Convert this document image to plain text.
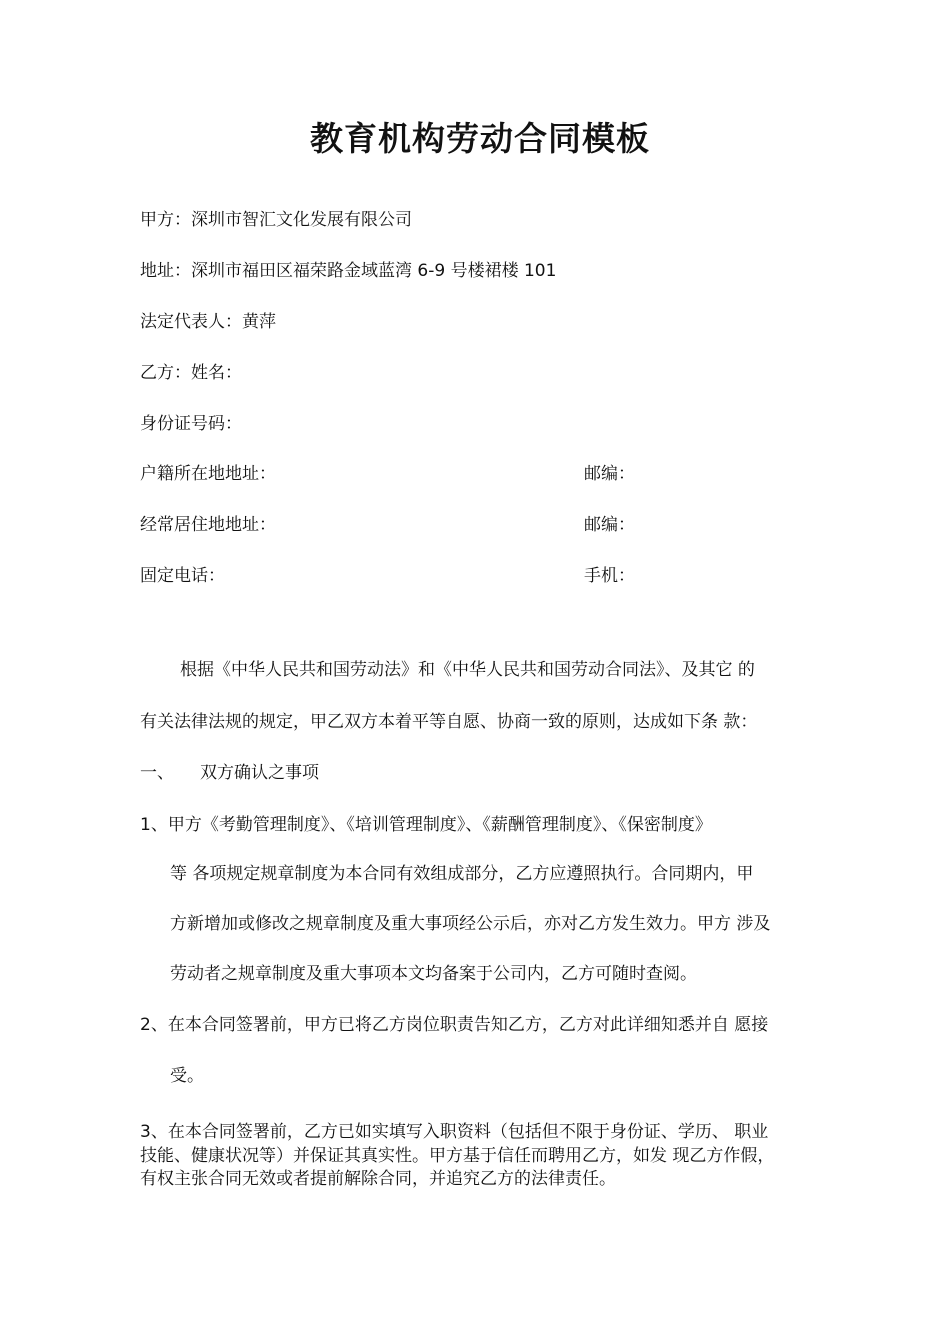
教育机构劳动合同模板
甲方：深圳市智汇文化发展有限公司
地址：深圳市福田区福荣路金域蓝湾 6-9 号楼裙楼 101
法定代表人：黄萍
乙方：姓名：
身份证号码：
户籍所在地地址：	邮编：
经常居住地地址：	邮编：
固定电话：	手机：
根据《中华人民共和国劳动法》和《中华人民共和国劳动合同法》、及其它 的
有关法律法规的规定，甲乙双方本着平等自愿、协商一致的原则，达成如下条 款：
一、 双方确认之事项
1、甲方《考勤管理制度》、《培训管理制度》、《薪酬管理制度》、《保密制度》
等 各项规定规章制度为本合同有效组成部分，乙方应遵照执行。合同期内，甲
方新增加或修改之规章制度及重大事项经公示后，亦对乙方发生效力。甲方 涉及
劳动者之规章制度及重大事项本文均备案于公司内，乙方可随时查阅。
2、在本合同签署前，甲方已将乙方岗位职责告知乙方，乙方对此详细知悉并自 愿接
受。
3、在本合同签署前，乙方已如实填写入职资料（包括但不限于身份证、学历、 职业
技能、健康状况等）并保证其真实性。甲方基于信任而聘用乙方，如发 现乙方作假，
有权主张合同无效或者提前解除合同，并追究乙方的法律责任。
